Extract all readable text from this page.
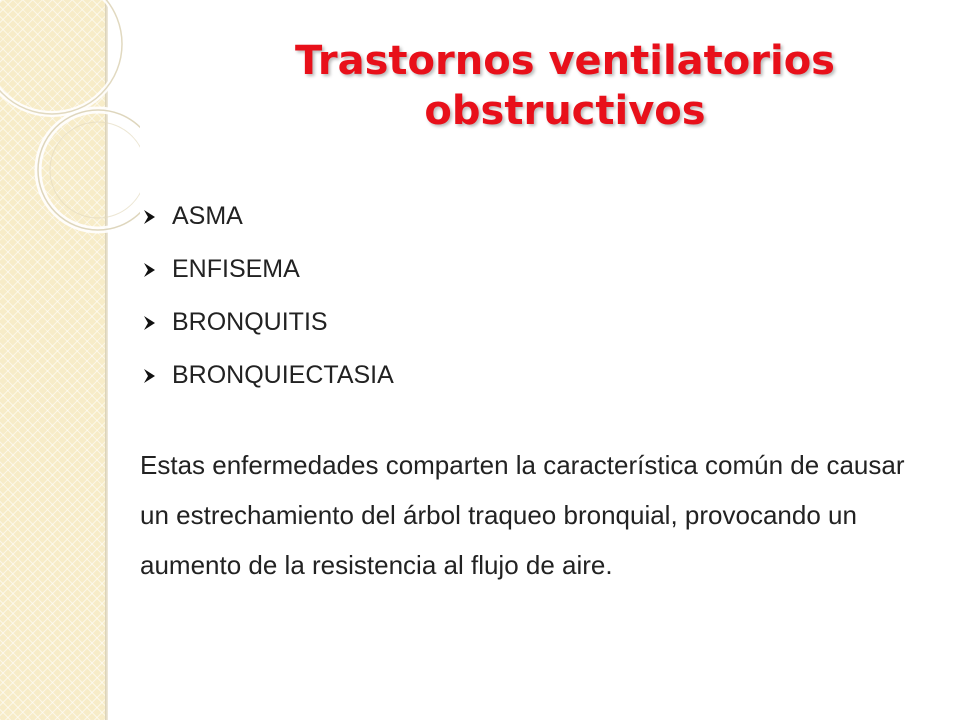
Trastornos ventilatorios
obstructivos
ASMA
ENFISEMA
BRONQUITIS
BRONQUIECTASIA

Estas enfermedades comparten la característica común de causar un estrechamiento del árbol traqueo bronquial, provocando un aumento de la resistencia al flujo de aire.
